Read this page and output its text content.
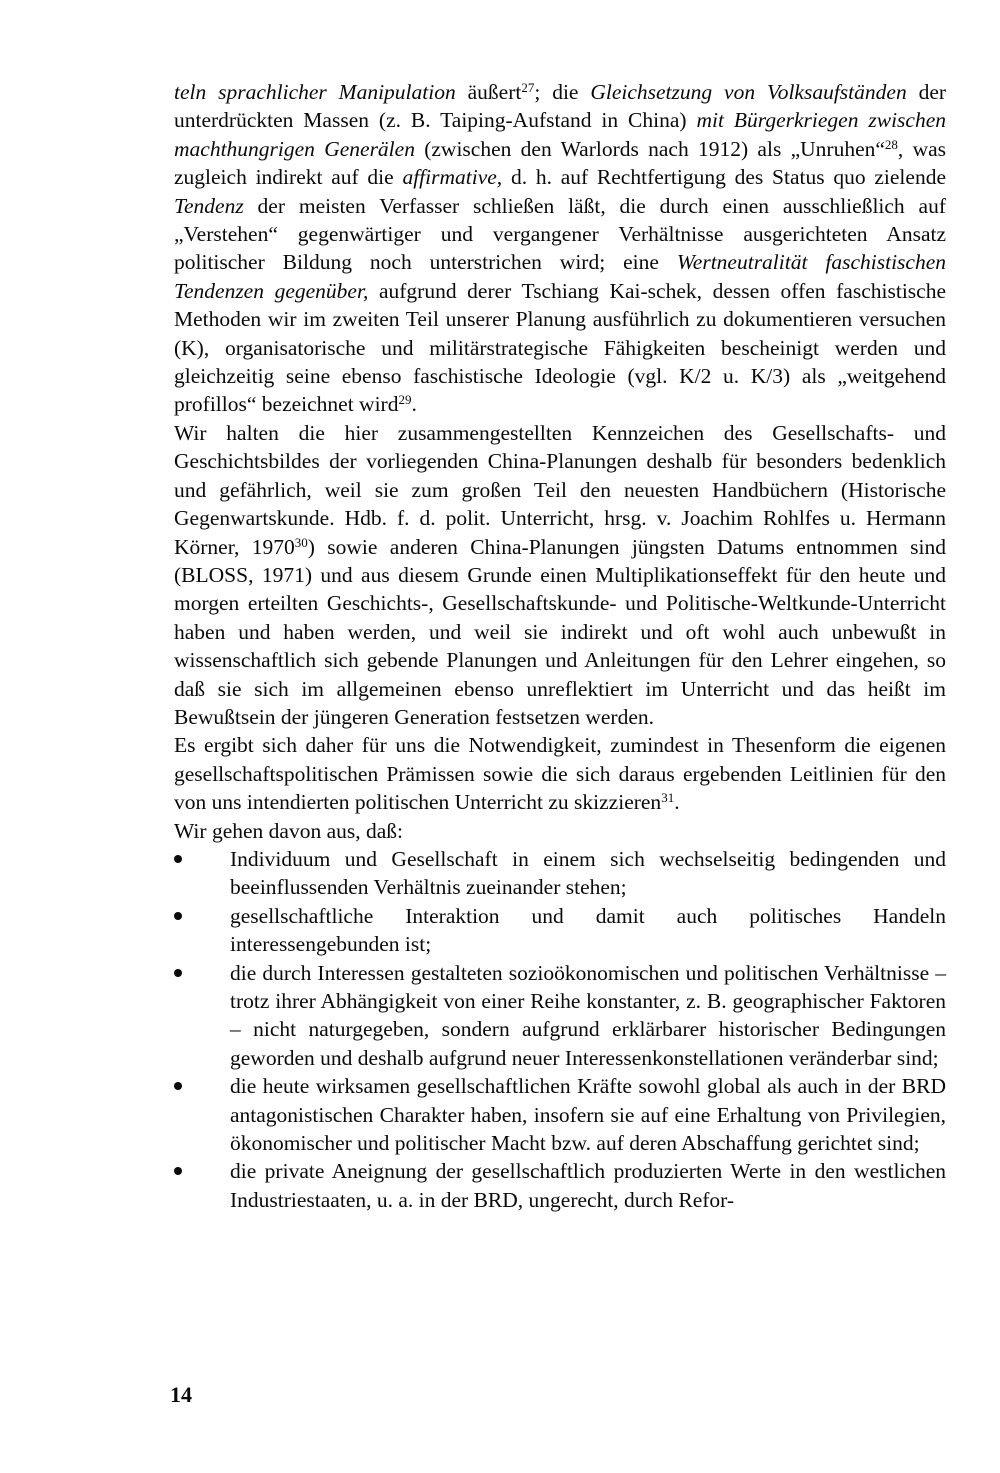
teln sprachlicher Manipulation äußert$^{27}$; die Gleichsetzung von Volksaufständen der unterdrückten Massen (z. B. Taiping-Aufstand in China) mit Bürgerkriegen zwischen machthungrigen Generälen (zwischen den Warlords nach 1912) als „Unruhen“$^{28}$, was zugleich indirekt auf die affirmative, d. h. auf Rechtfertigung des Status quo zielende Tendenz der meisten Verfasser schließen läßt, die durch einen ausschließlich auf „Verstehen“ gegenwärtiger und vergangener Verhältnisse ausgerichteten Ansatz politischer Bildung noch unterstrichen wird; eine Wertneutralität faschistischen Tendenzen gegenüber, aufgrund derer Tschiang Kai-schek, dessen offen faschistische Methoden wir im zweiten Teil unserer Planung ausführlich zu dokumentieren versuchen (K), organisatorische und militärstrategische Fähigkeiten bescheinigt werden und gleichzeitig seine ebenso faschistische Ideologie (vgl. K/2 u. K/3) als „weitgehend profillos“ bezeichnet wird$^{29}$.

Wir halten die hier zusammengestellten Kennzeichen des Gesellschafts- und Geschichtsbildes der vorliegenden China-Planungen deshalb für besonders bedenklich und gefährlich, weil sie zum großen Teil den neuesten Handbüchern (Historische Gegenwartskunde. Hdb. f. d. polit. Unterricht, hrsg. v. Joachim Rohlfes u. Hermann Körner, 1970$^{30}$) sowie anderen China-Planungen jüngsten Datums entnommen sind (BLOSS, 1971) und aus diesem Grunde einen Multiplikationseffekt für den heute und morgen erteilten Geschichts-, Gesellschaftskunde- und Politische-Weltkunde-Unterricht haben und haben werden, und weil sie indirekt und oft wohl auch unbewußt in wissenschaftlich sich gebende Planungen und Anleitungen für den Lehrer eingehen, so daß sie sich im allgemeinen ebenso unreflektiert im Unterricht und das heißt im Bewußtsein der jüngeren Generation festsetzen werden.

Es ergibt sich daher für uns die Notwendigkeit, zumindest in Thesenform die eigenen gesellschaftspolitischen Prämissen sowie die sich daraus ergebenden Leitlinien für den von uns intendierten politischen Unterricht zu skizzieren$^{31}$.

Wir gehen davon aus, daß:

Individuum und Gesellschaft in einem sich wechselseitig bedingenden und beeinflussenden Verhältnis zueinander stehen;
gesellschaftliche Interaktion und damit auch politisches Handeln interessengebunden ist;
die durch Interessen gestalteten sozioökonomischen und politischen Verhältnisse – trotz ihrer Abhängigkeit von einer Reihe konstanter, z. B. geographischer Faktoren – nicht naturgegeben, sondern aufgrund erklärbarer historischer Bedingungen geworden und deshalb aufgrund neuer Interessenkonstellationen veränderbar sind;
die heute wirksamen gesellschaftlichen Kräfte sowohl global als auch in der BRD antagonistischen Charakter haben, insofern sie auf eine Erhaltung von Privilegien, ökonomischer und politischer Macht bzw. auf deren Abschaffung gerichtet sind;
die private Aneignung der gesellschaftlich produzierten Werte in den westlichen Industriestaaten, u. a. in der BRD, ungerecht, durch Refor-
14
